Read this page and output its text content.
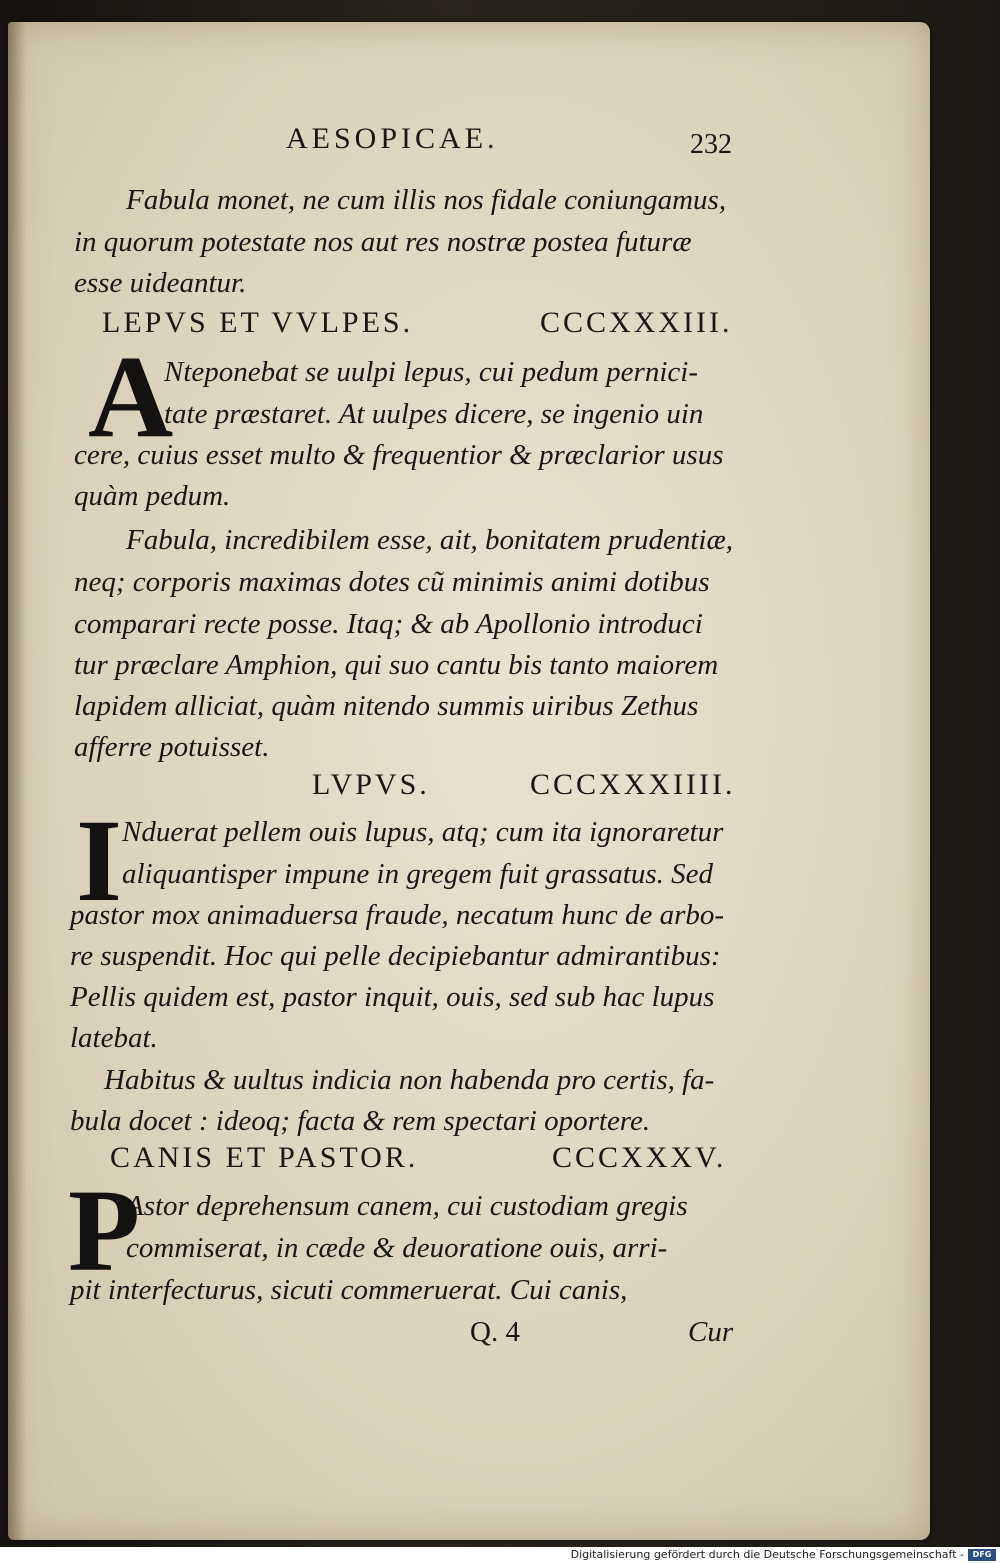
AESOPICAE.	232
Fabula monet, ne cum illis nos fidale coniungamus,
in quorum potestate nos aut res nostræ postea futuræ
esse uideantur.
LEPVS ET VVLPES.	CCCXXXIII.
A
Nteponebat se uulpi lepus, cui pedum pernici-
tate præstaret. At uulpes dicere, se ingenio uin
cere, cuius esset multo & frequentior & præclarior usus
quàm pedum.
Fabula, incredibilem esse, ait, bonitatem prudentiæ,
neq; corporis maximas dotes cũ minimis animi dotibus
comparari recte posse. Itaq; & ab Apollonio introduci
tur præclare Amphion, qui suo cantu bis tanto maiorem
lapidem alliciat, quàm nitendo summis uiribus Zethus
afferre potuisset.
LVPVS.	CCCXXXIIII.
I Nduerat pellem ouis lupus, atq; cum ita ignoraretur
aliquantisper impune in gregem fuit grassatus. Sed
pastor mox animaduersa fraude, necatum hunc de arbo-
re suspendit. Hoc qui pelle decipiebantur admirantibus:
Pellis quidem est, pastor inquit, ouis, sed sub hac lupus
latebat.
Habitus & uultus indicia non habenda pro certis, fa-
bula docet : ideoq; facta & rem spectari oportere.
CANIS ET PASTOR.	CCCXXXV.
P
Astor deprehensum canem, cui custodiam gregis
commiserat, in cæde & deuoratione ouis, arri-
pit interfecturus, sicuti commeruerat. Cui canis,
Q. 4	Cur
Digitalisierung gefördert durch die Deutsche Forschungsgemeinschaft -	DFG
